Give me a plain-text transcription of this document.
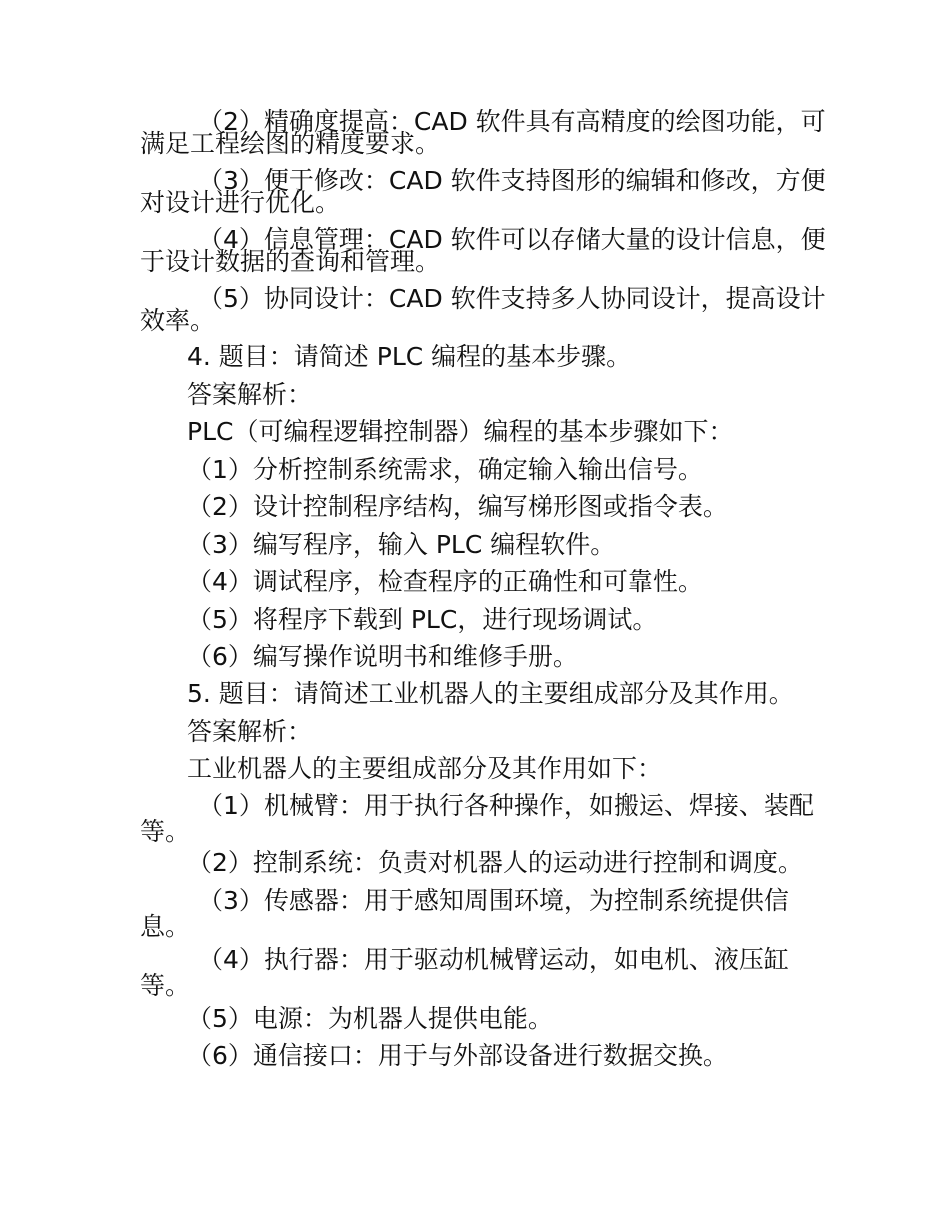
（2）精确度提高：CAD 软件具有高精度的绘图功能，可
满足工程绘图的精度要求。
（3）便于修改：CAD 软件支持图形的编辑和修改，方便
对设计进行优化。
（4）信息管理：CAD 软件可以存储大量的设计信息，便
于设计数据的查询和管理。
（5）协同设计：CAD 软件支持多人协同设计，提高设计
效率。
4. 题目：请简述 PLC 编程的基本步骤。
答案解析：
PLC（可编程逻辑控制器）编程的基本步骤如下：
（1）分析控制系统需求，确定输入输出信号。
（2）设计控制程序结构，编写梯形图或指令表。
（3）编写程序，输入 PLC 编程软件。
（4）调试程序，检查程序的正确性和可靠性。
（5）将程序下载到 PLC，进行现场调试。
（6）编写操作说明书和维修手册。
5. 题目：请简述工业机器人的主要组成部分及其作用。
答案解析：
工业机器人的主要组成部分及其作用如下：
（1）机械臂：用于执行各种操作，如搬运、焊接、装配
等。
（2）控制系统：负责对机器人的运动进行控制和调度。
（3）传感器：用于感知周围环境，为控制系统提供信
息。
（4）执行器：用于驱动机械臂运动，如电机、液压缸
等。
（5）电源：为机器人提供电能。
（6）通信接口：用于与外部设备进行数据交换。
